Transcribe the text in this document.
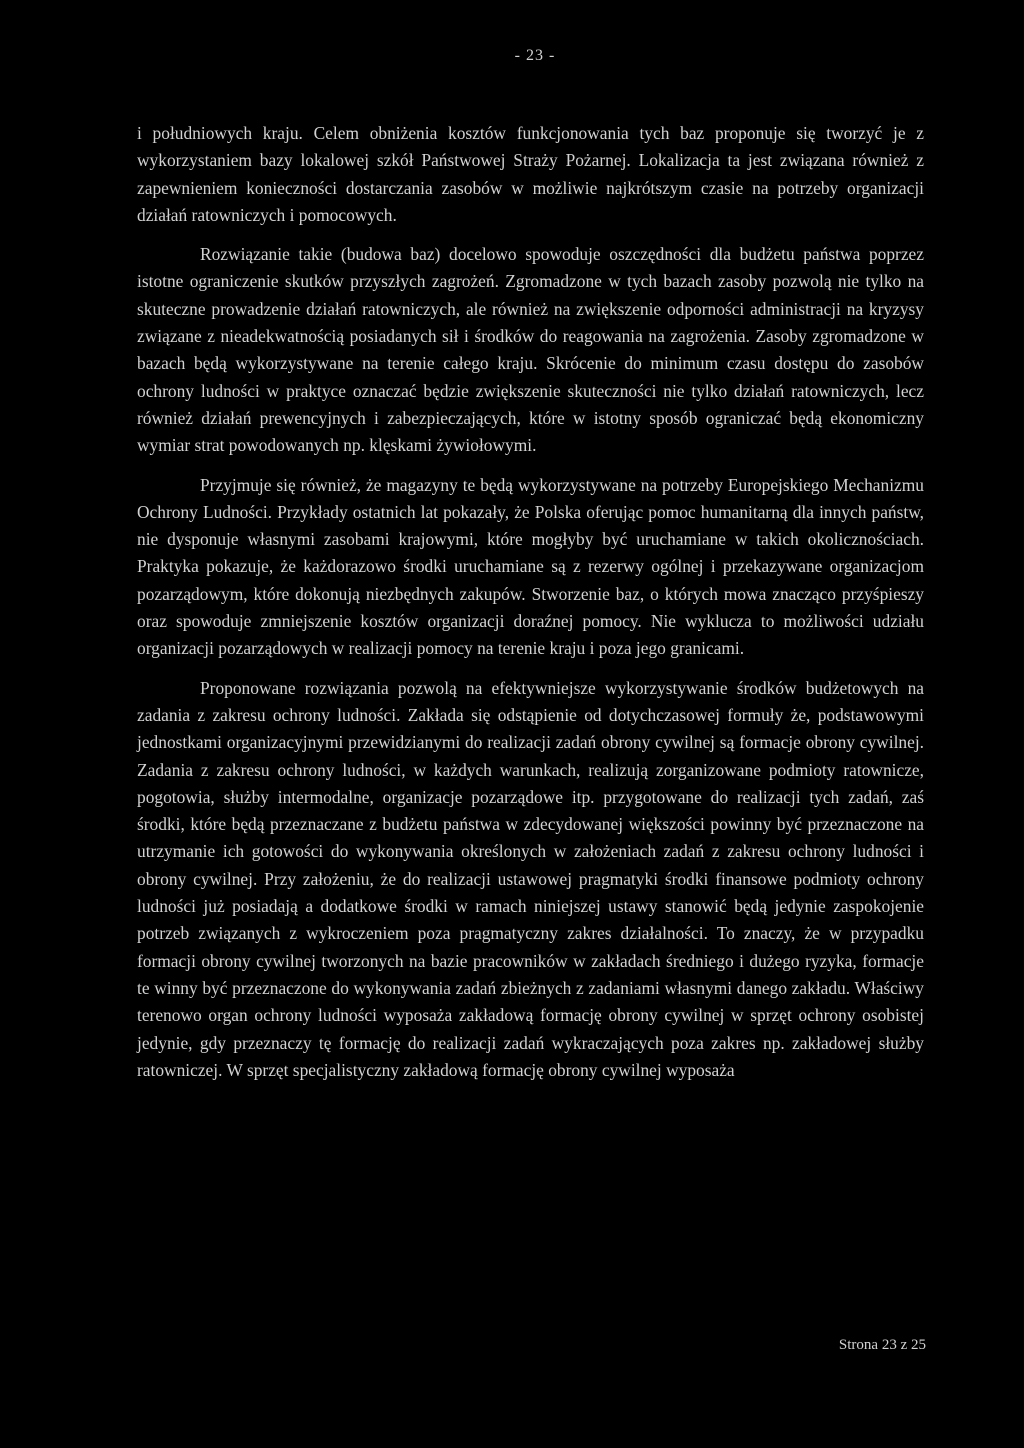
- 23 -

i południowych kraju. Celem obniżenia kosztów funkcjonowania tych baz proponuje się tworzyć je z wykorzystaniem bazy lokalowej szkół Państwowej Straży Pożarnej. Lokalizacja ta jest związana również z zapewnieniem konieczności dostarczania zasobów w możliwie najkrótszym czasie na potrzeby organizacji działań ratowniczych i pomocowych.

Rozwiązanie takie (budowa baz) docelowo spowoduje oszczędności dla budżetu państwa poprzez istotne ograniczenie skutków przyszłych zagrożeń. Zgromadzone w tych bazach zasoby pozwolą nie tylko na skuteczne prowadzenie działań ratowniczych, ale również na zwiększenie odporności administracji na kryzysy związane z nieadekwatnością posiadanych sił i środków do reagowania na zagrożenia. Zasoby zgromadzone w bazach będą wykorzystywane na terenie całego kraju. Skrócenie do minimum czasu dostępu do zasobów ochrony ludności w praktyce oznaczać będzie zwiększenie skuteczności nie tylko działań ratowniczych, lecz również działań prewencyjnych i zabezpieczających, które w istotny sposób ograniczać będą ekonomiczny wymiar strat powodowanych np. klęskami żywiołowymi.

Przyjmuje się również, że magazyny te będą wykorzystywane na potrzeby Europejskiego Mechanizmu Ochrony Ludności. Przykłady ostatnich lat pokazały, że Polska oferując pomoc humanitarną dla innych państw, nie dysponuje własnymi zasobami krajowymi, które mogłyby być uruchamiane w takich okolicznościach. Praktyka pokazuje, że każdorazowo środki uruchamiane są z rezerwy ogólnej i przekazywane organizacjom pozarządowym, które dokonują niezbędnych zakupów. Stworzenie baz, o których mowa znacząco przyśpieszy oraz spowoduje zmniejszenie kosztów organizacji doraźnej pomocy. Nie wyklucza to możliwości udziału organizacji pozarządowych w realizacji pomocy na terenie kraju i poza jego granicami.

Proponowane rozwiązania pozwolą na efektywniejsze wykorzystywanie środków budżetowych na zadania z zakresu ochrony ludności. Zakłada się odstąpienie od dotychczasowej formuły że, podstawowymi jednostkami organizacyjnymi przewidzianymi do realizacji zadań obrony cywilnej są formacje obrony cywilnej. Zadania z zakresu ochrony ludności, w każdych warunkach, realizują zorganizowane podmioty ratownicze, pogotowia, służby intermodalne, organizacje pozarządowe itp. przygotowane do realizacji tych zadań, zaś środki, które będą przeznaczane z budżetu państwa w zdecydowanej większości powinny być przeznaczone na utrzymanie ich gotowości do wykonywania określonych w założeniach zadań z zakresu ochrony ludności i obrony cywilnej. Przy założeniu, że do realizacji ustawowej pragmatyki środki finansowe podmioty ochrony ludności już posiadają a dodatkowe środki w ramach niniejszej ustawy stanowić będą jedynie zaspokojenie potrzeb związanych z wykroczeniem poza pragmatyczny zakres działalności. To znaczy, że w przypadku formacji obrony cywilnej tworzonych na bazie pracowników w zakładach średniego i dużego ryzyka, formacje te winny być przeznaczone do wykonywania zadań zbieżnych z zadaniami własnymi danego zakładu. Właściwy terenowo organ ochrony ludności wyposaża zakładową formację obrony cywilnej w sprzęt ochrony osobistej jedynie, gdy przeznaczy tę formację do realizacji zadań wykraczających poza zakres np. zakładowej służby ratowniczej. W sprzęt specjalistyczny zakładową formację obrony cywilnej wyposaża

Strona 23 z 25
